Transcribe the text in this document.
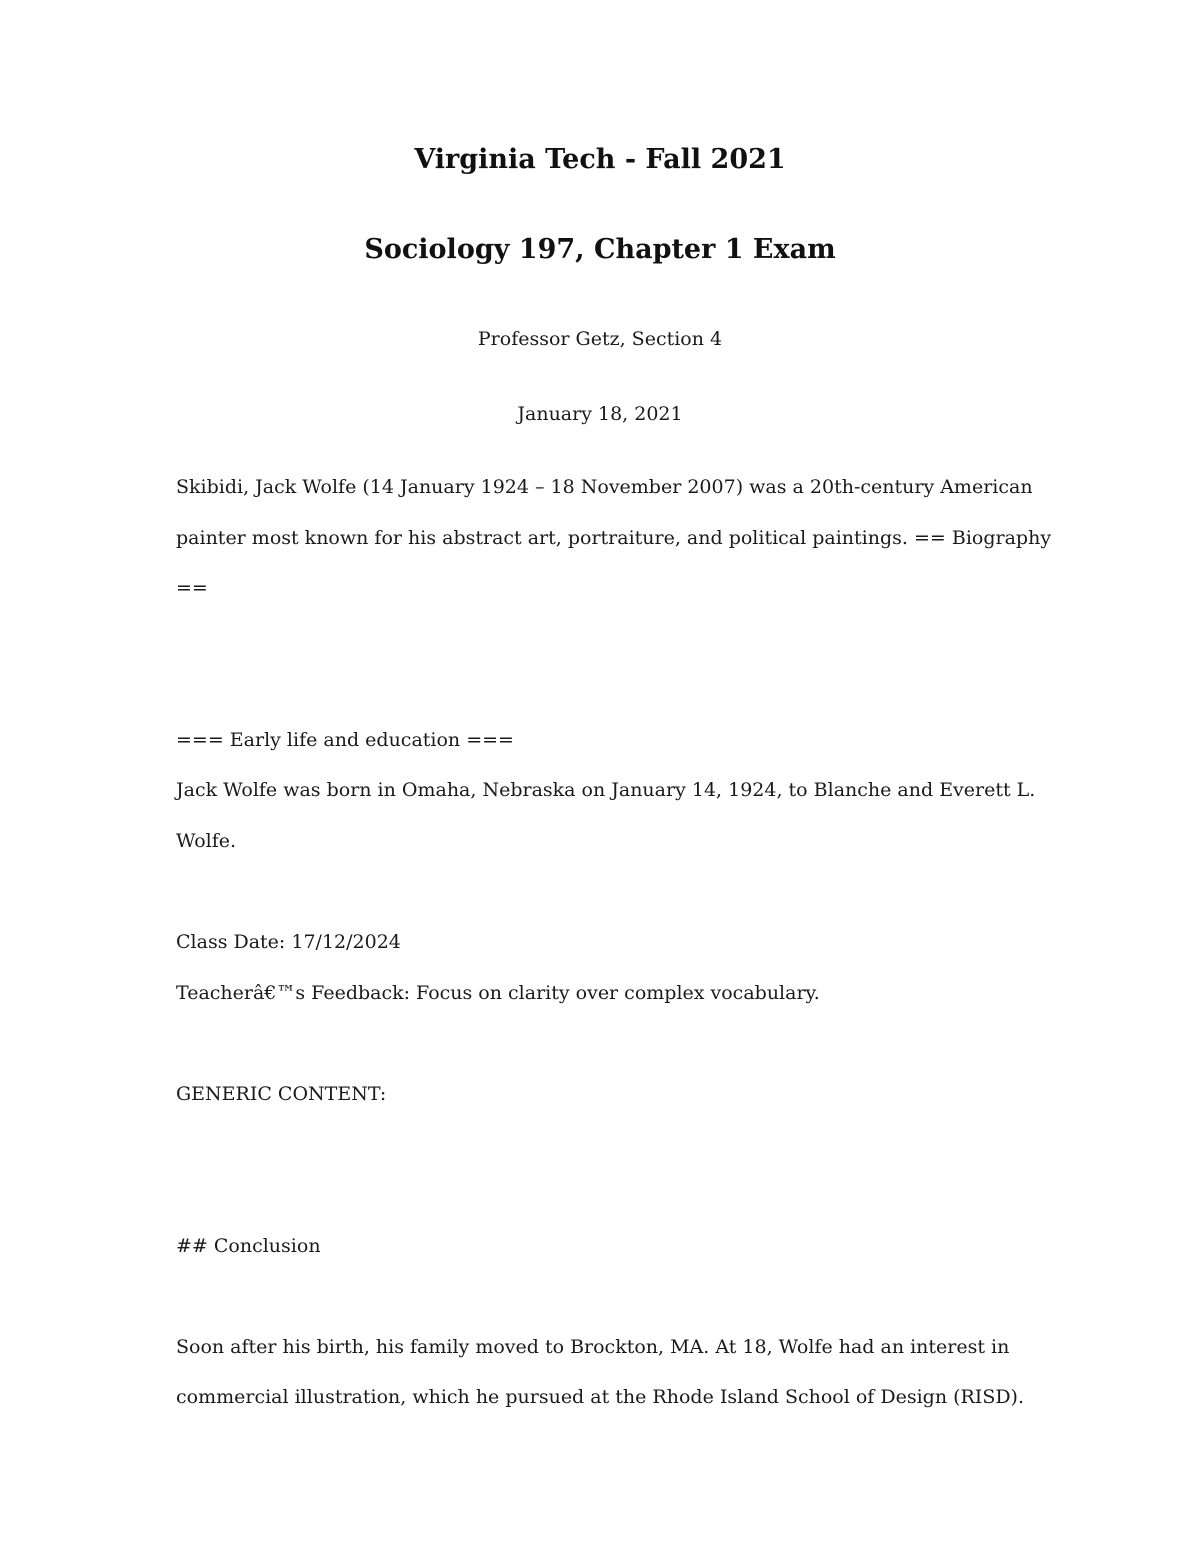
Virginia Tech - Fall 2021
Sociology 197, Chapter 1 Exam
Professor Getz, Section 4
January 18, 2021
Skibidi, Jack Wolfe (14 January 1924 – 18 November 2007) was a 20th-century American
painter most known for his abstract art, portraiture, and political paintings. == Biography
==
=== Early life and education ===
Jack Wolfe was born in Omaha, Nebraska on January 14, 1924, to Blanche and Everett L.
Wolfe.
Class Date: 17/12/2024
Teacherâ€™s Feedback: Focus on clarity over complex vocabulary.
GENERIC CONTENT:
## Conclusion
Soon after his birth, his family moved to Brockton, MA. At 18, Wolfe had an interest in
commercial illustration, which he pursued at the Rhode Island School of Design (RISD).
